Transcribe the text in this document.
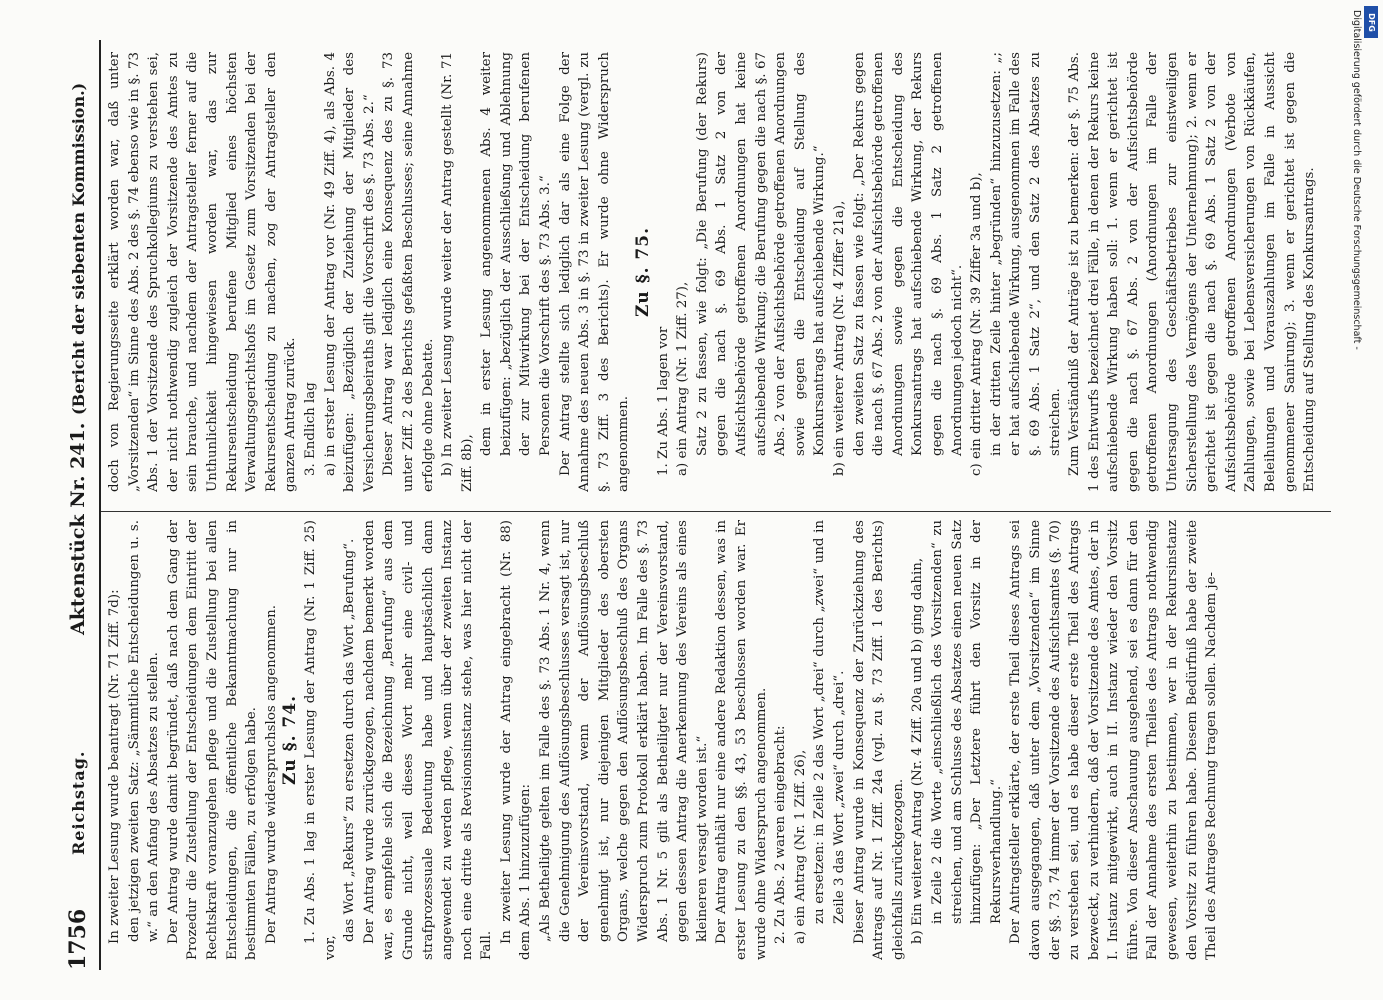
1756
Reichstag.
Aktenstück Nr. 241.
(Bericht der siebenten Kommission.)

In zweiter Lesung wurde beantragt (Nr. 71 Ziff. 7d): den jetzigen zweiten Satz: „Sämmtliche Entscheidungen u. s. w.“ an den Anfang des Absatzes zu stellen. Der Antrag wurde damit begründet, daß nach dem Gang der Prozedur die Zustellung der Entscheidungen dem Eintritt der Rechtskraft voranzugehen pflege und die Zustellung bei allen Entscheidungen, die öffentliche Bekanntmachung nur in bestimmten Fällen, zu erfolgen habe. Der Antrag wurde widerspruchslos angenommen. Zu §. 74. 1. Zu Abs. 1 lag in erster Lesung der Antrag (Nr. 1 Ziff. 25) vor,

das Wort „Rekurs“ zu ersetzen durch das Wort „Berufung“. Der Antrag wurde zurückgezogen, nachdem bemerkt worden war, es empfehle sich die Bezeichnung „Berufung“ aus dem Grunde nicht, weil dieses Wort mehr eine civil- und strafprozessuale Bedeutung habe und hauptsächlich dann angewendet zu werden pflege, wenn über der zweiten Instanz noch eine dritte als Revisionsinstanz stehe, was hier nicht der Fall.

In zweiter Lesung wurde der Antrag eingebracht (Nr. 88) dem Abs. 1 hinzuzufügen: „Als Betheiligte gelten im Falle des §. 73 Abs. 1 Nr. 4, wenn die Genehmigung des Auflösungsbeschlusses versagt ist, nur der Vereinsvorstand, wenn der Auflösungsbeschluß genehmigt ist, nur diejenigen Mitglieder des obersten Organs, welche gegen den Auflösungsbeschluß des Organs Widerspruch zum Protokoll erklärt haben. Im Falle des §. 73 Abs. 1 Nr. 5 gilt als Betheiligter nur der Vereinsvorstand, gegen dessen Antrag die Anerkennung des Vereins als eines kleineren versagt worden ist.“ Der Antrag enthält nur eine andere Redaktion dessen, was in erster Lesung zu den §§. 43, 53 beschlossen worden war. Er wurde ohne Widerspruch angenommen. 2. Zu Abs. 2 waren eingebracht: a) ein Antrag (Nr. 1 Ziff. 26), zu ersetzen: in Zeile 2 das Wort „drei“ durch „zwei“ und in Zeile 3 das Wort „zwei“ durch „drei“. Dieser Antrag wurde in Konsequenz der Zurückziehung des Antrags auf Nr. 1 Ziff. 24a (vgl. zu §. 73 Ziff. 1 des Berichts) gleichfalls zurückgezogen. b) Ein weiterer Antrag (Nr. 4 Ziff. 20a und b) ging dahin, in Zeile 2 die Worte „einschließlich des Vorsitzenden“ zu streichen, und am Schlusse des Absatzes einen neuen Satz hinzufügen: „Der Letztere führt den Vorsitz in der Rekursverhandlung.“ Der Antragsteller erklärte, der erste Theil dieses Antrags sei davon ausgegangen, daß unter dem „Vorsitzenden“ im Sinne der §§. 73, 74 immer der Vorsitzende des Aufsichtsamtes (§. 70) zu verstehen sei, und es habe dieser erste Theil des Antrags bezweckt, zu verhindern, daß der Vorsitzende des Amtes, der in I. Instanz mitgewirkt, auch in II. Instanz wieder den Vorsitz führe. Von dieser Anschauung ausgehend, sei es dann für den Fall der Annahme des ersten Theiles des Antrags nothwendig gewesen, weiterhin zu bestimmen, wer in der Rekursinstanz den Vorsitz zu führen habe. Diesem Bedürfniß habe der zweite Theil des Antrages Rechnung tragen sollen. Nachdem je-

doch von Regierungsseite erklärt worden war, daß unter „Vorsitzenden“ im Sinne des Abs. 2 des §. 74 ebenso wie in §. 73 Abs. 1 der Vorsitzende des Spruchkollegiums zu verstehen sei, der nicht nothwendig zugleich der Vorsitzende des Amtes zu sein brauche, und nachdem der Antragsteller ferner auf die Unthunlichkeit hingewiesen worden war, das zur Rekursentscheidung berufene Mitglied eines höchsten Verwaltungsgerichtshofs im Gesetz zum Vorsitzenden bei der Rekursentscheidung zu machen, zog der Antragsteller den ganzen Antrag zurück. 3. Endlich lag a) in erster Lesung der Antrag vor (Nr. 49 Ziff. 4), als Abs. 4 beizufügen: „Bezüglich der Zuziehung der Mitglieder des Versicherungsbeiraths gilt die Vorschrift des §. 73 Abs. 2.“ Dieser Antrag war lediglich eine Konsequenz des zu §. 73 unter Ziff. 2 des Berichts gefaßten Beschlusses; seine Annahme erfolgte ohne Debatte. b) In zweiter Lesung wurde weiter der Antrag gestellt (Nr. 71 Ziff. 8b),

dem in erster Lesung angenommenen Abs. 4 weiter beizufügen: „bezüglich der Ausschließung und Ablehnung der zur Mitwirkung bei der Entscheidung berufenen Personen die Vorschrift des §. 73 Abs. 3.“ Der Antrag stellte sich lediglich dar als eine Folge der Annahme des neuen Abs. 3 in §. 73 in zweiter Lesung (vergl. zu §. 73 Ziff. 3 des Berichts). Er wurde ohne Widerspruch angenommen.

Zu §. 75.

1. Zu Abs. 1 lagen vor a) ein Antrag (Nr. 1 Ziff. 27), Satz 2 zu fassen, wie folgt: „Die Berufung (der Rekurs) gegen die nach §. 69 Abs. 1 Satz 2 von der Aufsichtsbehörde getroffenen Anordnungen hat keine aufschiebende Wirkung; die Berufung gegen die nach §. 67 Abs. 2 von der Aufsichtsbehörde getroffenen Anordnungen sowie gegen die Entscheidung auf Stellung des Konkursantrags hat aufschiebende Wirkung.“ b) ein weiterer Antrag (Nr. 4 Ziffer 21a), den zweiten Satz zu fassen wie folgt: „Der Rekurs gegen die nach §. 67 Abs. 2 von der Aufsichtsbehörde getroffenen Anordnungen sowie gegen die Entscheidung des Konkursantrags hat aufschiebende Wirkung, der Rekurs gegen die nach §. 69 Abs. 1 Satz 2 getroffenen Anordnungen jedoch nicht“. c) ein dritter Antrag (Nr. 39 Ziffer 3a und b), in der dritten Zeile hinter „begründen“ hinzuzusetzen: „; er hat aufschiebende Wirkung, ausgenommen im Falle des §. 69 Abs. 1 Satz 2“, und den Satz 2 des Absatzes zu streichen. Zum Verständniß der Anträge ist zu bemerken: der §. 75 Abs. 1 des Entwurfs bezeichnet drei Fälle, in denen der Rekurs keine aufschiebende Wirkung haben soll: 1. wenn er gerichtet ist gegen die nach §. 67 Abs. 2 von der Aufsichtsbehörde getroffenen Anordnungen (Anordnungen im Falle der Untersagung des Geschäftsbetriebes zur einstweiligen Sicherstellung des Vermögens der Unternehmung); 2. wenn er gerichtet ist gegen die nach §. 69 Abs. 1 Satz 2 von der Aufsichtsbehörde getroffenen Anordnungen (Verbote von Zahlungen, sowie bei Lebensversicherungen von Rückkäufen, Beleihungen und Vorauszahlungen im Falle in Aussicht genommener Sanirung); 3. wenn er gerichtet ist gegen die Entscheidung auf Stellung des Konkursantrags.	Digitalisierung gefördert durch die Deutsche Forschungsgemeinschaft - DFG
